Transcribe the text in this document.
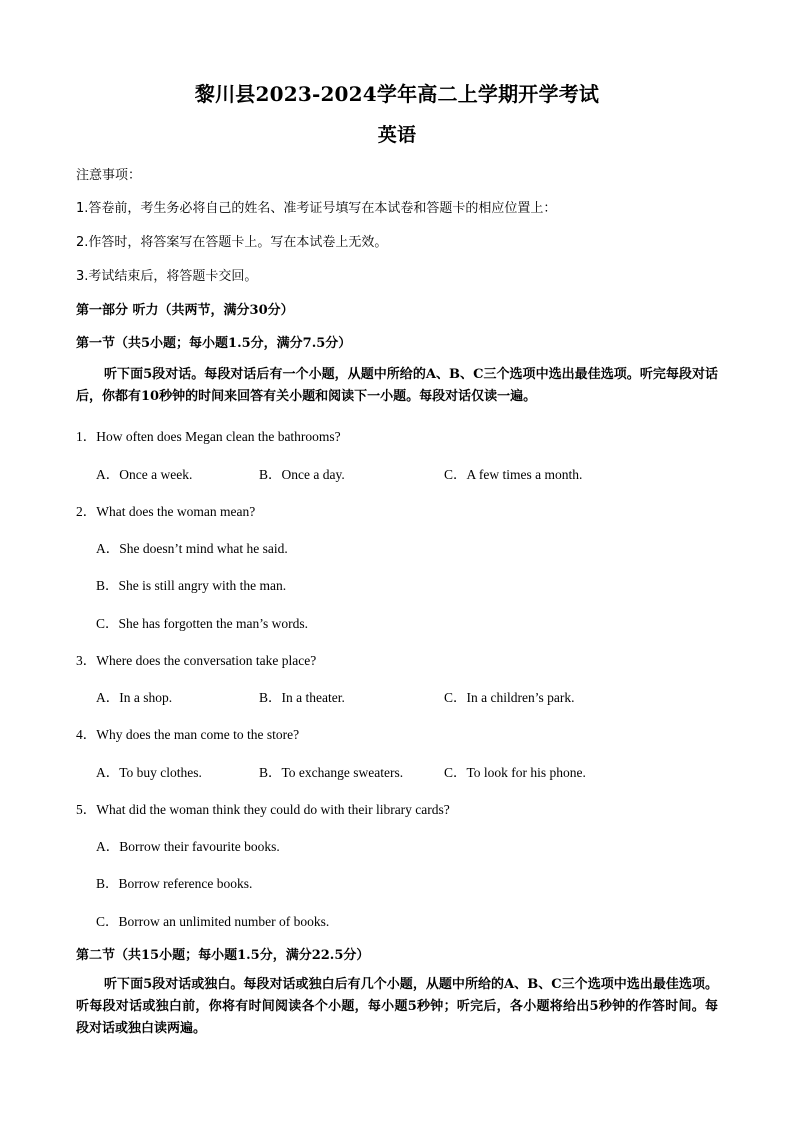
黎川县2023-2024学年高二上学期开学考试
英语
注意事项：
1.答卷前，考生务必将自己的姓名、准考证号填写在本试卷和答题卡的相应位置上：
2.作答时，将答案写在答题卡上。写在本试卷上无效。
3.考试结束后，将答题卡交回。
第一部分 听力（共两节，满分30分）
第一节（共5小题；每小题1.5分，满分7.5分）
听下面5段对话。每段对话后有一个小题，从题中所给的A、B、C三个选项中选出最佳选项。听完每段对话后，你都有10秒钟的时间来回答有关小题和阅读下一小题。每段对话仅读一遍。
1．How often does Megan clean the bathrooms?
A．Once a week.	B．Once a day.	C．A few times a month.
2．What does the woman mean?
A．She doesn’t mind what he said.
B．She is still angry with the man.
C．She has forgotten the man’s words.
3．Where does the conversation take place?
A．In a shop.	B．In a theater.	C．In a children’s park.
4．Why does the man come to the store?
A．To buy clothes.	B．To exchange sweaters.	C．To look for his phone.
5．What did the woman think they could do with their library cards?
A．Borrow their favourite books.
B．Borrow reference books.
C．Borrow an unlimited number of books.
第二节（共15小题；每小题1.5分，满分22.5分）
听下面5段对话或独白。每段对话或独白后有几个小题，从题中所给的A、B、C三个选项中选出最佳选项。听每段对话或独白前，你将有时间阅读各个小题，每小题5秒钟；听完后，各小题将给出5秒钟的作答时间。每段对话或独白读两遍。
